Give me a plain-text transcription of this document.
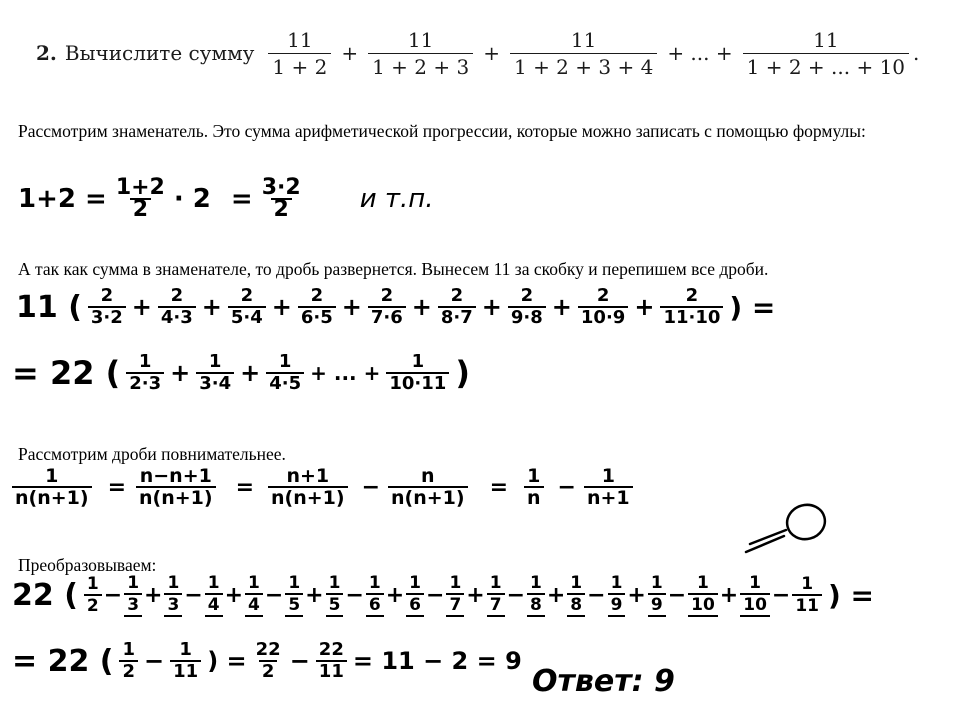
2. Вычислите сумму $\frac{11}{1 + 2} + \frac{11}{1 + 2 + 3} + \frac{11}{1 + 2 + 3 + 4}$ + ... + $\frac{11}{1 + 2 + ... + 10}$ .
Рассмотрим знаменатель. Это сумма арифметической прогрессии, которые можно записать с помощью формулы:
$1+2 = \frac{1+2}{2} \cdot 2 = \frac{3\cdot 2}{2}$ и т.п.
А так как сумма в знаменателе, то дробь развернется. Вынесем 11 за скобку и перепишем все дроби.
11 ( 2
$3\cdot 2 + \frac{2}{4\cdot 3} + \frac{2}{5\cdot 4} + \frac{2}{6\cdot 5} + \frac{2}{7\cdot 6} + \frac{2}{8\cdot 7} + \frac{2}{9\cdot 8} + \frac{2}{10\cdot 9} + \frac{2}{11\cdot 10}$ ) =
= 22 ( 1
$2\cdot 3 + \frac{1}{3\cdot 4} + \frac{1}{4\cdot 5}$ + ... + $\frac{1}{10\cdot 11}$ )
Рассмотрим дроби повнимательнее.
$\frac{1}{n(n+1)} = \frac{n-n+1}{n(n+1)} = \frac{n+1}{n(n+1)} - \frac{n}{n(n+1)} = \frac{1}{n} - \frac{1}{n+1}$
Преобразовываем:
22 ( 1
$2 - \frac{1}{3} + \frac{1}{3} - \frac{1}{4} + \frac{1}{4} - \frac{1}{5} + \frac{1}{5} - \frac{1}{6} + \frac{1}{6} - \frac{1}{7} + \frac{1}{7} - \frac{1}{8} + \frac{1}{8} - \frac{1}{9} + \frac{1}{9} - \frac{1}{10} + \frac{1}{10} - \frac{1}{11}$ ) =
= 22 ( 1
$2 - \frac{1}{11}$ ) = $\frac{22}{2} - \frac{22}{11} = 11 - 2 = 9$
Ответ: 9
